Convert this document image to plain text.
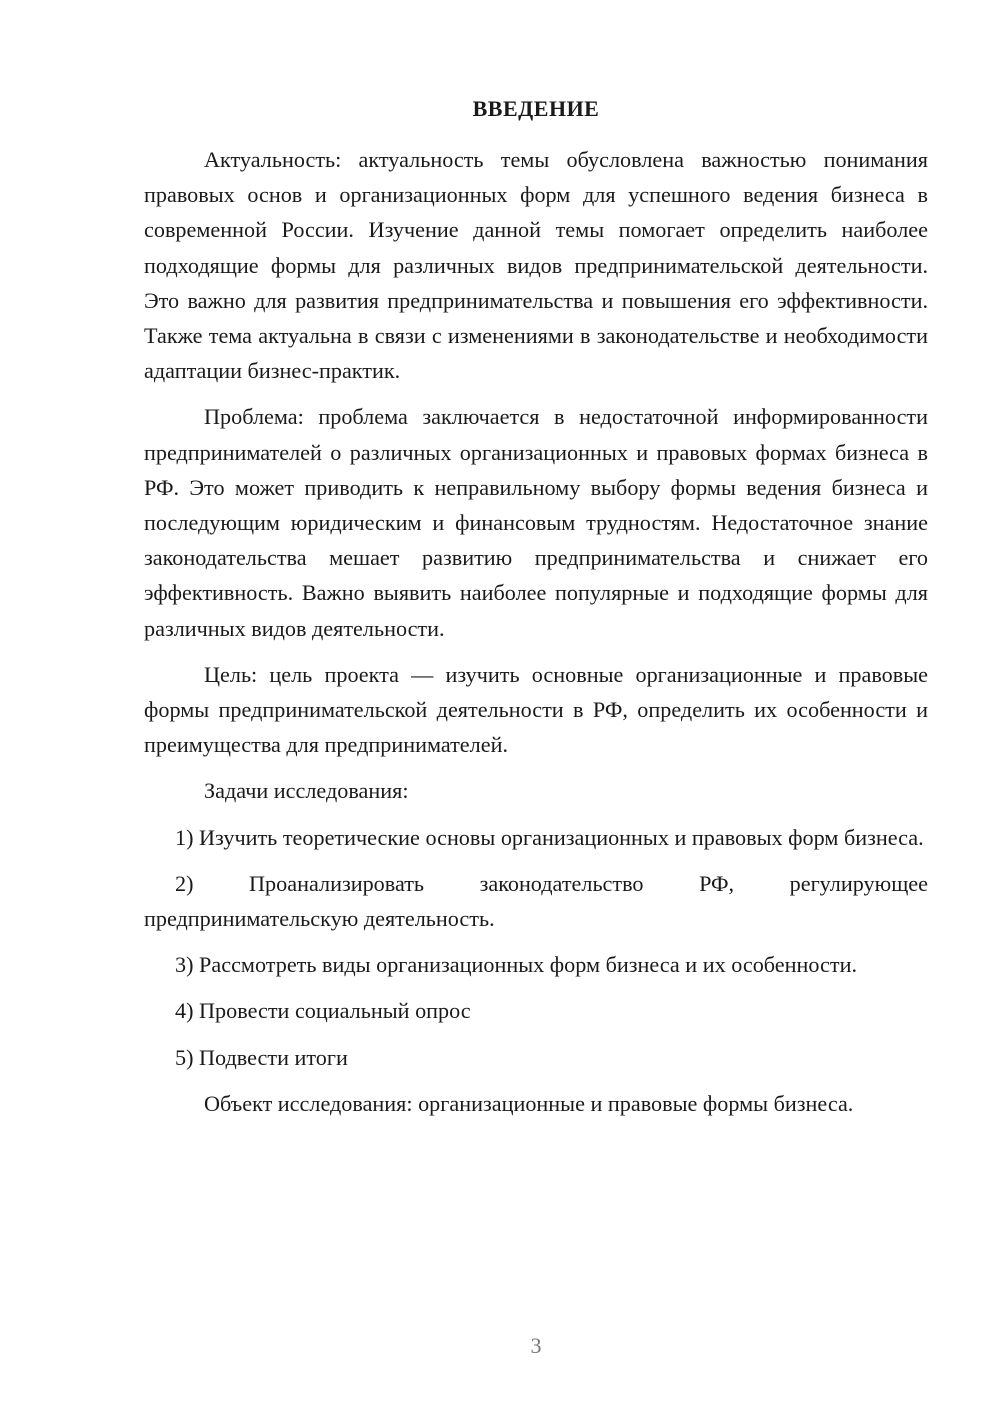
ВВЕДЕНИЕ

Актуальность: актуальность темы обусловлена важностью понимания правовых основ и организационных форм для успешного ведения бизнеса в современной России. Изучение данной темы помогает определить наиболее подходящие формы для различных видов предпринимательской деятельности. Это важно для развития предпринимательства и повышения его эффективности. Также тема актуальна в связи с изменениями в законодательстве и необходимости адаптации бизнес-практик.

Проблема: проблема заключается в недостаточной информированности предпринимателей о различных организационных и правовых формах бизнеса в РФ. Это может приводить к неправильному выбору формы ведения бизнеса и последующим юридическим и финансовым трудностям. Недостаточное знание законодательства мешает развитию предпринимательства и снижает его эффективность. Важно выявить наиболее популярные и подходящие формы для различных видов деятельности.

Цель: цель проекта — изучить основные организационные и правовые формы предпринимательской деятельности в РФ, определить их особенности и преимущества для предпринимателей.

Задачи исследования:

1) Изучить теоретические основы организационных и правовых форм бизнеса.

2) Проанализировать законодательство РФ, регулирующее предпринимательскую деятельность.

3) Рассмотреть виды организационных форм бизнеса и их особенности.

4) Провести социальный опрос

5) Подвести итоги

Объект исследования: организационные и правовые формы бизнеса.

3
